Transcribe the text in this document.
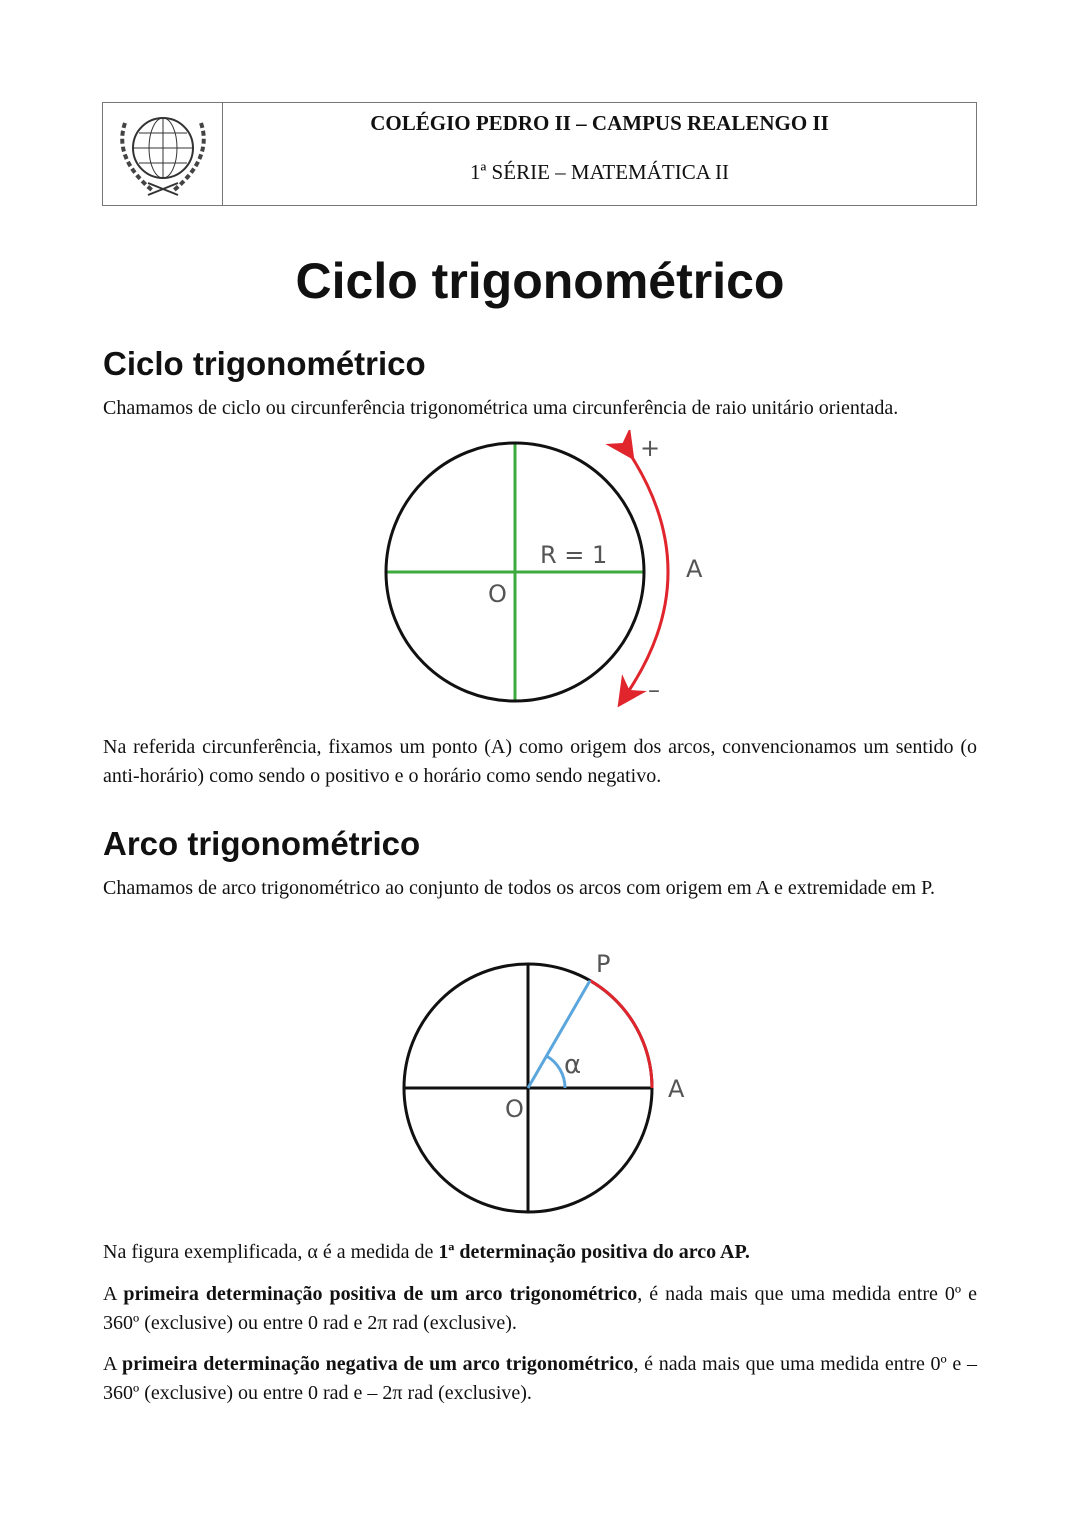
COLÉGIO PEDRO II – CAMPUS REALENGO II
1ª SÉRIE – MATEMÁTICA II
Ciclo trigonométrico
Ciclo trigonométrico
Chamamos de ciclo ou circunferência trigonométrica uma circunferência de raio unitário orientada.
R = 1
O
A
+
–
Na referida circunferência, fixamos um ponto (A) como origem dos arcos, convencionamos um sentido (o anti-horário) como sendo o positivo e o horário como sendo negativo.
Arco trigonométrico
Chamamos de arco trigonométrico ao conjunto de todos os arcos com origem em A e extremidade em P.
P
α
O
A
Na figura exemplificada, α é a medida de 1ª determinação positiva do arco AP.
A primeira determinação positiva de um arco trigonométrico, é nada mais que uma medida entre 0º e 360º (exclusive) ou entre 0 rad e 2π rad (exclusive).
A primeira determinação negativa de um arco trigonométrico, é nada mais que uma medida entre 0º e – 360º (exclusive) ou entre 0 rad e – 2π rad (exclusive).
